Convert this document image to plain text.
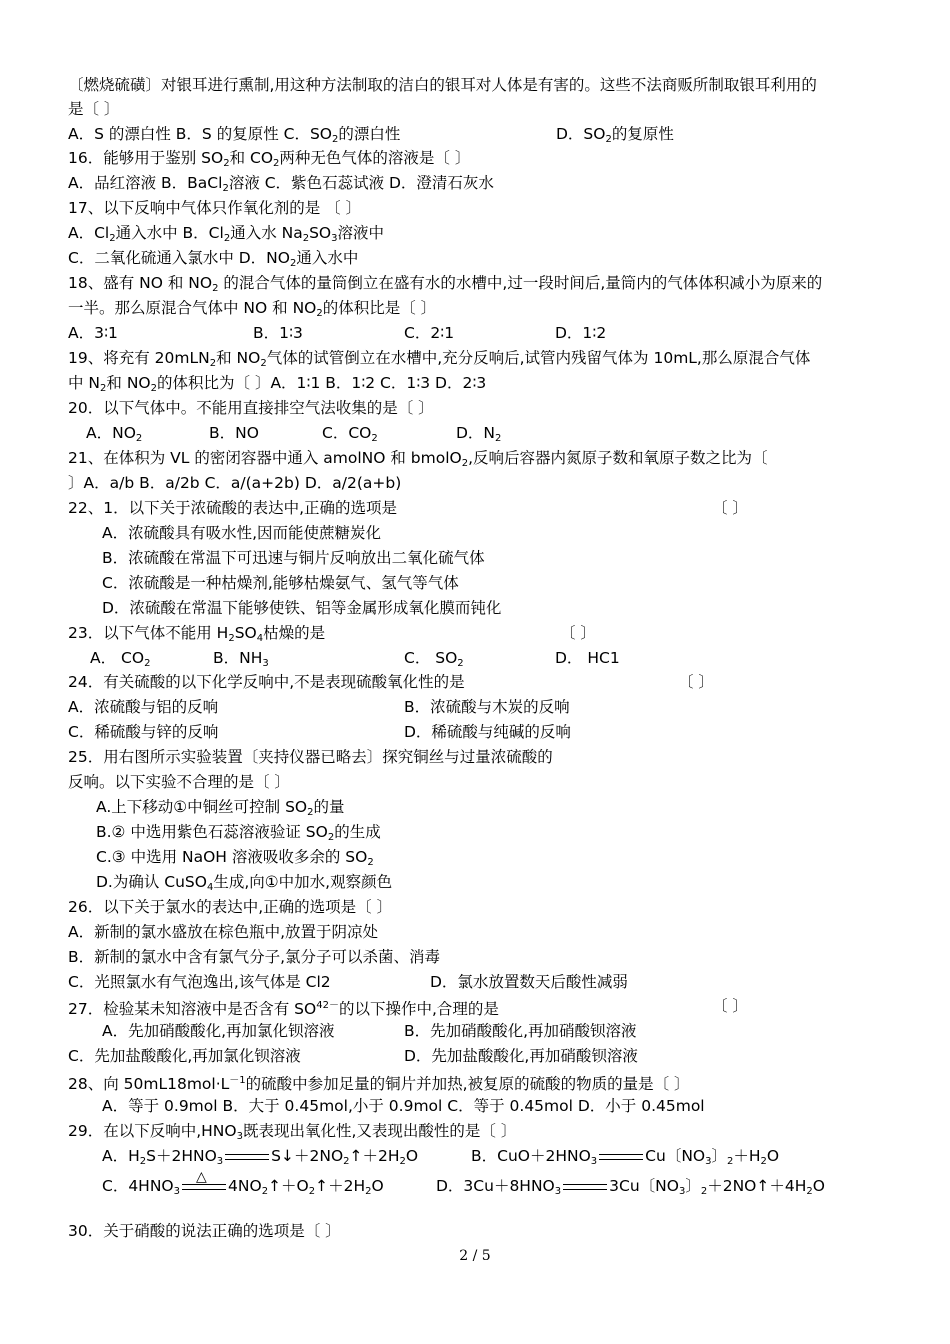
〔燃烧硫磺〕对银耳进行熏制,用这种方法制取的洁白的银耳对人体是有害的。这些不法商贩所制取银耳利用的
是〔 〕
A．S 的漂白性 B．S 的复原性 C．$SO_2$的漂白性	D．$SO_2$的复原性
16．能够用于鉴别 $SO_2$和 $CO_2$两种无色气体的溶液是〔 〕
A．品红溶液 B．BaCl$_2$溶液 C．紫色石蕊试液 D．澄清石灰水
17、以下反响中气体只作氧化剂的是 〔 〕
A．$Cl_2$通入水中 B．$Cl_2$通入水 $Na_2SO_3$溶液中
C．二氧化硫通入氯水中 D．$NO_2$通入水中
18、盛有 NO 和 $NO_2$ 的混合气体的量筒倒立在盛有水的水槽中,过一段时间后,量筒内的气体体积减小为原来的
一半。那么原混合气体中 NO 和 $NO_2$的体积比是〔 〕
A．3∶1	B．1∶3	C．2∶1	D．1∶2
19、将充有 20mLN$_2$和 $NO_2$气体的试管倒立在水槽中,充分反响后,试管内残留气体为 10mL,那么原混合气体
中 $N_2$和 $NO_2$的体积比为〔 〕A．1∶1 B．1∶2 C．1∶3 D．2∶3
20．以下气体中。不能用直接排空气法收集的是〔 〕
A．$NO_2$	B．NO	C．$CO_2$	D．$N_2$
21、在体积为 VL 的密闭容器中通入 amolNO 和 bmolO$_2$,反响后容器内氮原子数和氧原子数之比为〔
〕A．a/b B．a/2b C．a/(a+2b) D．a/2(a+b)
22、1．以下关于浓硫酸的表达中,正确的选项是	〔 〕
A．浓硫酸具有吸水性,因而能使蔗糖炭化
B．浓硫酸在常温下可迅速与铜片反响放出二氧化硫气体
C．浓硫酸是一种枯燥剂,能够枯燥氨气、氢气等气体
D．浓硫酸在常温下能够使铁、铝等金属形成氧化膜而钝化
23．以下气体不能用 $H_2SO_4$枯燥的是	〔 〕
A． $CO_2$	B．$NH_3$	C． $SO_2$	D． HC1
24．有关硫酸的以下化学反响中,不是表现硫酸氧化性的是	〔 〕
A．浓硫酸与铝的反响	B．浓硫酸与木炭的反响
C．稀硫酸与锌的反响	D．稀硫酸与纯碱的反响
25．用右图所示实验装置〔夹持仪器已略去〕探究铜丝与过量浓硫酸的
反响。以下实验不合理的是〔 〕
A.上下移动①中铜丝可控制 $SO_2$的量
B.② 中选用紫色石蕊溶液验证 $SO_2$的生成
C.③ 中选用 NaOH 溶液吸收多余的 $SO_2$
D.为确认 CuSO$_4$生成,向①中加水,观察颜色
26．以下关于氯水的表达中,正确的选项是〔 〕
A．新制的氯水盛放在棕色瓶中,放置于阴凉处
B．新制的氯水中含有氯气分子,氯分子可以杀菌、消毒
C．光照氯水有气泡逸出,该气体是 Cl2	D．氯水放置数天后酸性减弱
27．检验某未知溶液中是否含有 $SO^{42-}$的以下操作中,合理的是	〔 〕
A．先加硝酸酸化,再加氯化钡溶液	B．先加硝酸酸化,再加硝酸钡溶液
C．先加盐酸酸化,再加氯化钡溶液	D．先加盐酸酸化,再加硝酸钡溶液
28、向 $50mL18mol\cdot L^{-1}$的硫酸中参加足量的铜片并加热,被复原的硫酸的物质的量是〔 〕
A．等于 0.9mol B．大于 0.45mol,小于 0.9mol C．等于 0.45mol D．小于 0.45mol
29．在以下反响中$,HNO_3$既表现出氧化性,又表现出酸性的是〔 〕
A．$H_2S+2HNO_3$	$S↓+2NO_2↑+2H_2O$	B．$CuO+2HNO_3$	Cu〔$NO_3$〕$_2+H_2O$
C．$4HNO_3$
△
$4NO_2↑+O_2↑+2H_2O$	D．$3Cu+8HNO_3$	3Cu〔$NO_3$〕$_2+2NO↑+4H_2O$
30．关于硝酸的说法正确的选项是〔 〕
2 / 5
